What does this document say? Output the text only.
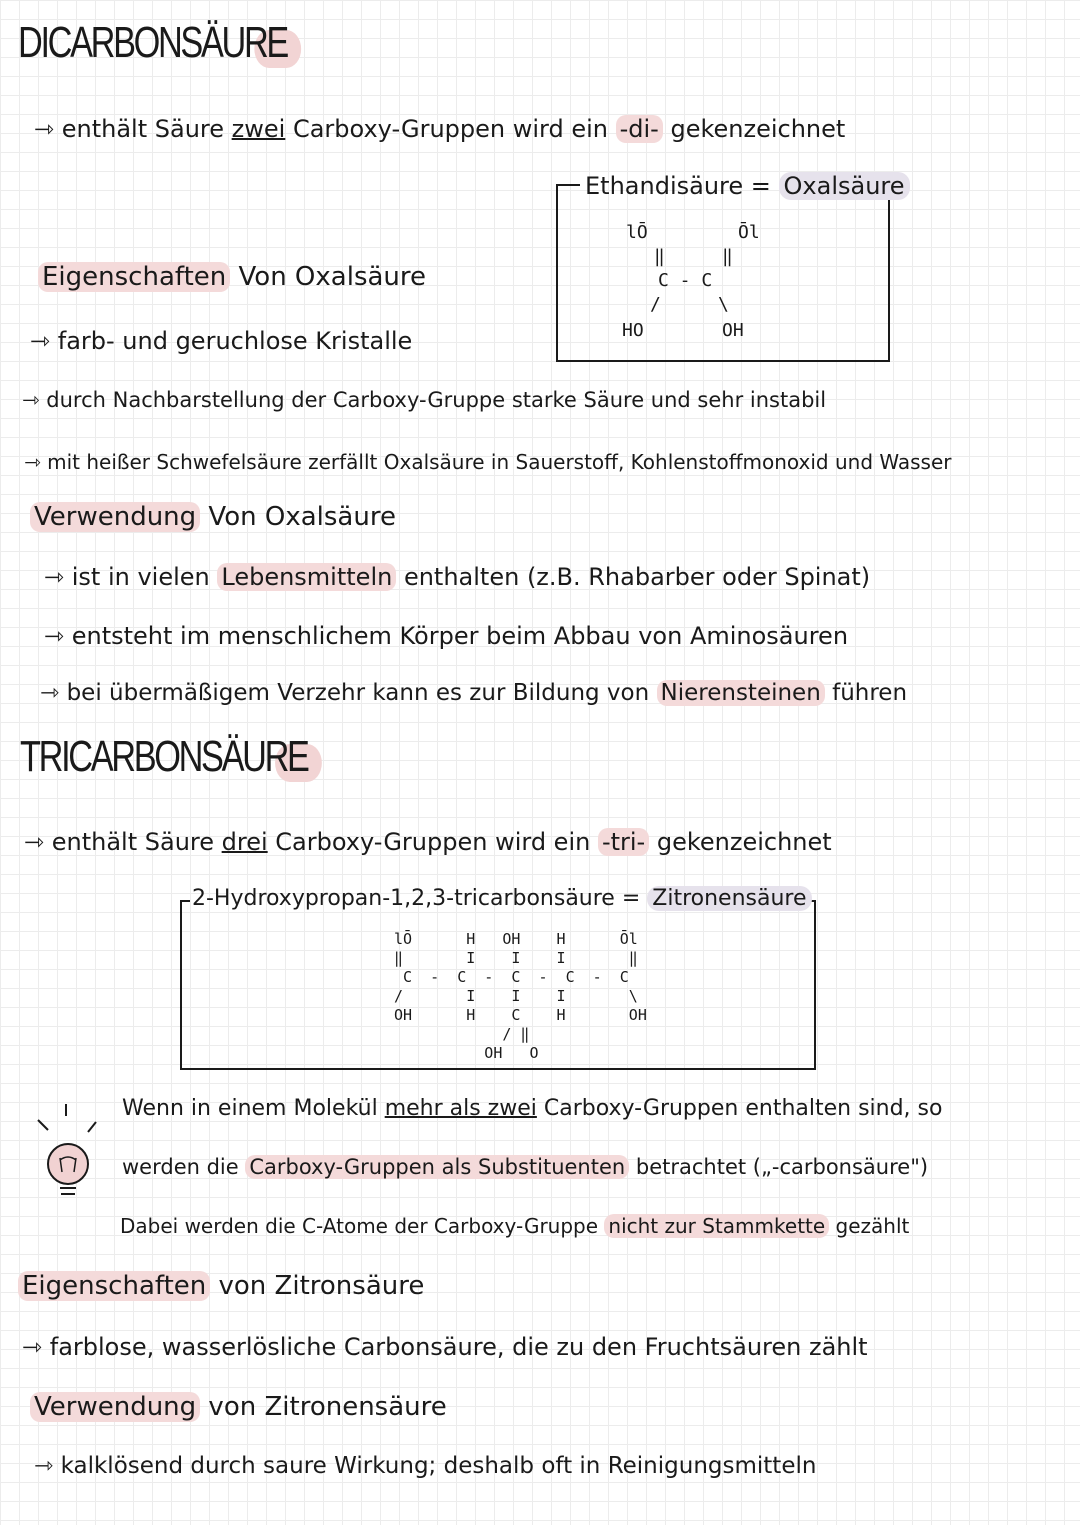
DICARBONSÄURE
⇾ enthält Säure zwei Carboxy-Gruppen wird ein -di- gekenzeichnet
Ethandisäure = Oxalsäure
lŌ	Ōl
‖	‖
C - C
/	\
HO	OH
Eigenschaften Von Oxalsäure
⇾ farb- und geruchlose Kristalle
⇾ durch Nachbarstellung der Carboxy-Gruppe starke Säure und sehr instabil
⇾ mit heißer Schwefelsäure zerfällt Oxalsäure in Sauerstoff, Kohlenstoffmonoxid und Wasser
Verwendung Von Oxalsäure
⇾ ist in vielen Lebensmitteln enthalten (z.B. Rhabarber oder Spinat)
⇾ entsteht im menschlichem Körper beim Abbau von Aminosäuren
⇾ bei übermäßigem Verzehr kann es zur Bildung von Nierensteinen führen
TRICARBONSÄURE
⇾ enthält Säure drei Carboxy-Gruppen wird ein -tri- gekenzeichnet
2-Hydroxypropan-1,2,3-tricarbonsäure = Zitronensäure
lŌ      H   OH    H      Ōl
‖       I    I    I       ‖
C  -  C  -  C  -  C  -  C
/       I    I    I       \
OH      H    C    H       OH
/ ‖
OH   O
Wenn in einem Molekül mehr als zwei Carboxy-Gruppen enthalten sind, so
werden die Carboxy-Gruppen als Substituenten betrachtet („-carbonsäure")
Dabei werden die C-Atome der Carboxy-Gruppe nicht zur Stammkette gezählt
Eigenschaften von Zitronsäure
⇾ farblose, wasserlösliche Carbonsäure, die zu den Fruchtsäuren zählt
Verwendung von Zitronensäure
⇾ kalklösend durch saure Wirkung; deshalb oft in Reinigungsmitteln
